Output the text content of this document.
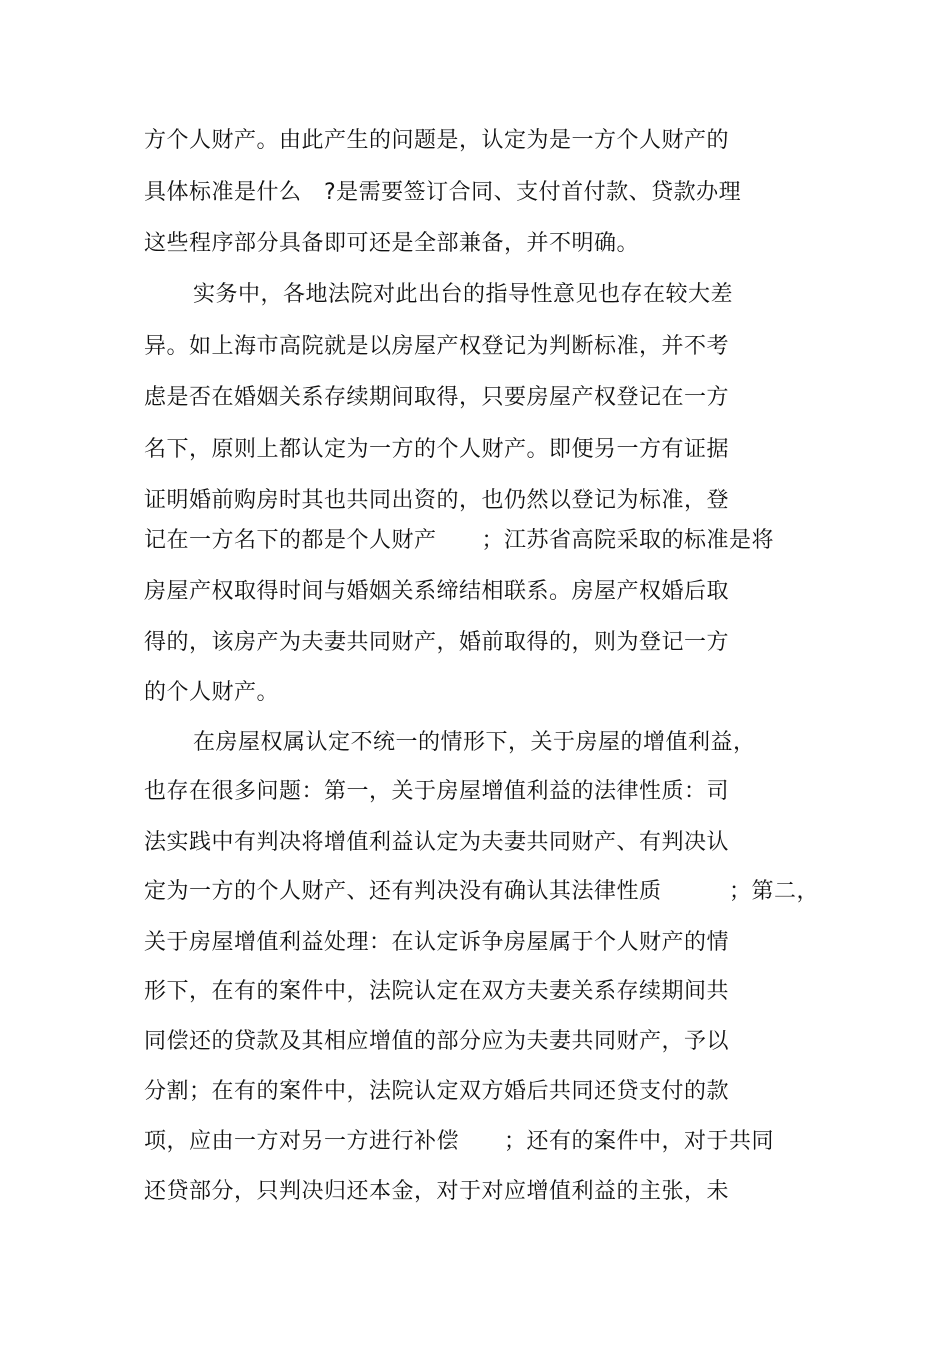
方个人财产。由此产生的问题是，认定为是一方个人财产的
具体标准是什么　?是需要签订合同、支付首付款、贷款办理
这些程序部分具备即可还是全部兼备，并不明确。
实务中，各地法院对此出台的指导性意见也存在较大差
异。如上海市高院就是以房屋产权登记为判断标准，并不考
虑是否在婚姻关系存续期间取得，只要房屋产权登记在一方
名下，原则上都认定为一方的个人财产。即便另一方有证据
证明婚前购房时其也共同出资的，也仍然以登记为标准，登
记在一方名下的都是个人财产　　；江苏省高院采取的标准是将
房屋产权取得时间与婚姻关系缔结相联系。房屋产权婚后取
得的，该房产为夫妻共同财产，婚前取得的，则为登记一方
的个人财产。
在房屋权属认定不统一的情形下，关于房屋的增值利益，
也存在很多问题：第一，关于房屋增值利益的法律性质：司
法实践中有判决将增值利益认定为夫妻共同财产、有判决认
定为一方的个人财产、还有判决没有确认其法律性质　　　；第二，
关于房屋增值利益处理：在认定诉争房屋属于个人财产的情
形下，在有的案件中，法院认定在双方夫妻关系存续期间共
同偿还的贷款及其相应增值的部分应为夫妻共同财产，予以
分割；在有的案件中，法院认定双方婚后共同还贷支付的款
项，应由一方对另一方进行补偿　　；还有的案件中，对于共同
还贷部分，只判决归还本金，对于对应增值利益的主张，未
